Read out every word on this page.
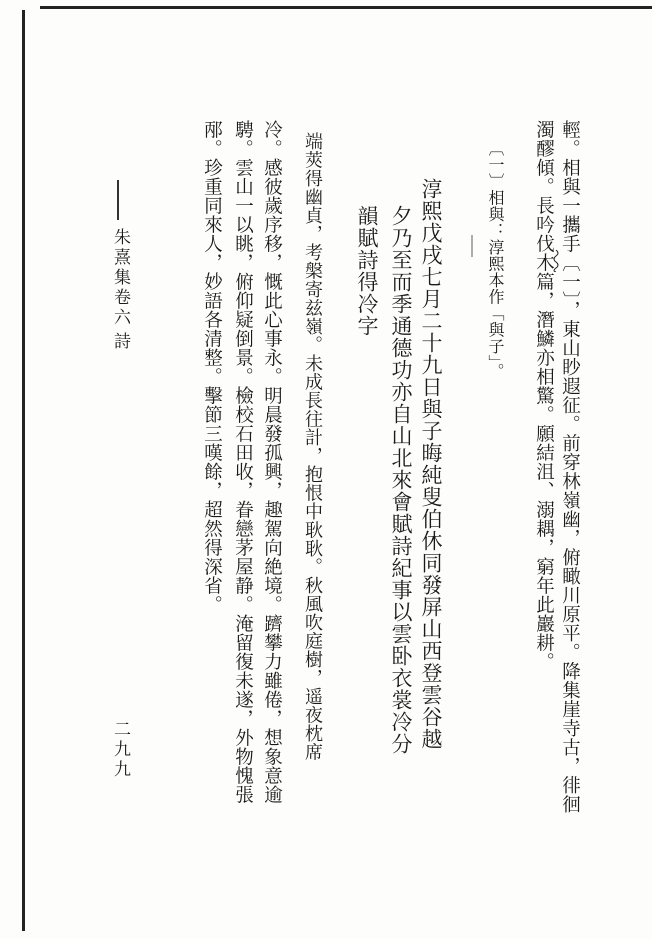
輕。相與一攜手〔一〕，東山眇遐征。前穿林嶺幽，俯瞰川原平。降集崖寺古，徘徊
濁醪傾。長吟伐木篇，潛鱗亦相驚。願結沮、溺耦，窮年此巖耕。
〔一〕相與：淳熙本作「與子」。
淳熙戊戌七月二十九日與子晦純叟伯休同發屏山西登雲谷越
夕乃至而季通德功亦自山北來會賦詩紀事以雲卧衣裳冷分
韻賦詩得冷字
端莢得幽貞，考槃寄兹嶺。未成長往計，抱恨中耿耿。秋風吹庭樹，遥夜枕席
冷。感彼歲序移，慨此心事永。明晨發孤興，趣駕向絶境。躋攀力雖倦，想象意逾
騁。雲山一以眺，俯仰疑倒景。檢校石田收，眷戀茅屋静。淹留復未遂，外物愧張
邴。珍重同來人，妙語各清整。擊節三嘆餘，超然得深省。
朱熹集卷六
詩
二九九
